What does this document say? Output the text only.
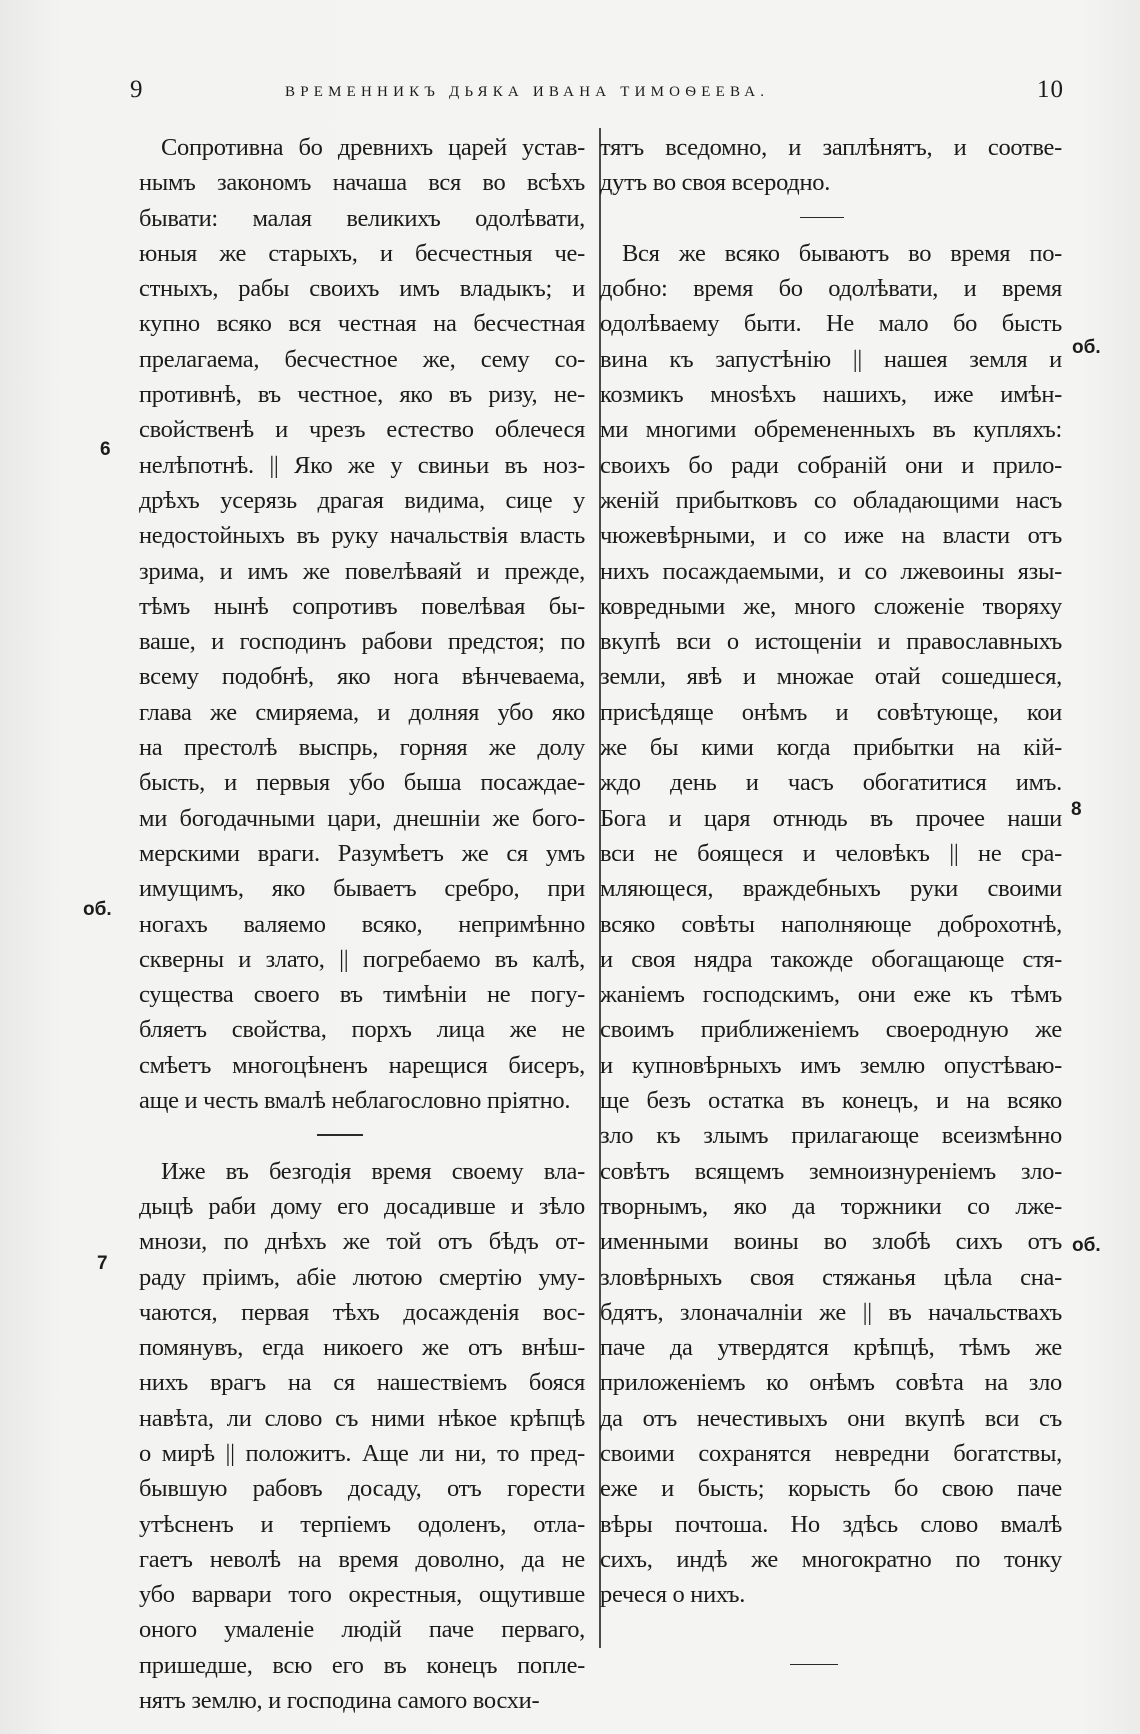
9	ВРЕМЕННИКЪ ДЬЯКА ИВАНА ТИМОѲЕЕВА.	10
Сопротивна бо древнихъ царей устав-
нымъ закономъ начаша вся во всѣхъ
бывати: малая великихъ одолѣвати,
юныя же старыхъ, и бесчестныя че-
стныхъ, рабы своихъ имъ владыкъ; и
купно всяко вся честная на бесчестная
прелагаема, бесчестное же, сему со-
противнѣ, въ честное, яко въ ризу, не-
свойственѣ и чрезъ естество облечеся
нелѣпотнѣ. || Яко же у свиньи въ ноз-
дрѣхъ усерязь драгая видима, сице у
недостойныхъ въ руку начальствія власть
зрима, и имъ же повелѣваяй и прежде,
тѣмъ нынѣ сопротивъ повелѣвая бы-
ваше, и господинъ рабови предстоя; по
всему подобнѣ, яко нога вѣнчеваема,
глава же смиряема, и долняя убо яко
на престолѣ выспрь, горняя же долу
бысть, и первыя убо быша посаждае-
ми богодачными цари, днешніи же бого-
мерскими враги. Разумѣетъ же ся умъ
имущимъ, яко бываетъ сребро, при
ногахъ валяемо всяко, непримѣнно
скверны и злато, || погребаемо въ калѣ,
существа своего въ тимѣніи не погу-
бляетъ свойства, порхъ лица же не
смѣетъ многоцѣненъ нарещися бисеръ,
аще и честь вмалѣ неблагословно пріятно.
Иже въ безгодія время своему вла-
дыцѣ раби дому его досадивше и зѣло
мнози, по днѣхъ же той отъ бѣдъ от-
раду пріимъ, абіе лютою смертію уму-
чаются, первая тѣхъ досажденія вос-
помянувъ, егда никоего же отъ внѣш-
нихъ врагъ на ся нашествіемъ бояся
навѣта, ли слово съ ними нѣкое крѣпцѣ
о мирѣ || положитъ. Аще ли ни, то пред-
бывшую рабовъ досаду, отъ горести
утѣсненъ и терпіемъ одоленъ, отла-
гаетъ неволѣ на время доволно, да не
убо варвари того окрестныя, ощутивше
оного умаленіе людій паче перваго,
пришедше, всю его въ конецъ попле-
нятъ землю, и господина самого восхи-
тятъ вседомно, и заплѣнятъ, и соотве-
дутъ во своя всеродно.
Вся же всяко бываютъ во время по-
добно: время бо одолѣвати, и время
одолѣваему быти. Не мало бо бысть
вина къ запустѣнію || нашея земля и
козмикъ мноѕѣхъ нашихъ, иже имѣн-
ми многими обремененныхъ въ купляхъ:
своихъ бо ради собраній они и прило-
женій прибытковъ со обладающими насъ
чюжевѣрными, и со иже на власти отъ
нихъ посаждаемыми, и со лжевоины язы-
ковредными же, много сложеніе творяху
вкупѣ вси о истощеніи и православныхъ
земли, явѣ и множае отай сошедшеся,
присѣдяще онѣмъ и совѣтующе, кои
же бы кими когда прибытки на кій-
ждо день и часъ обогатитися имъ.
Бога и царя отнюдь въ прочее наши
вси не боящеся и человѣкъ || не сра-
мляющеся, враждебныхъ руки своими
всяко совѣты наполняюще доброхотнѣ,
и своя нядра такожде обогащающе стя-
жаніемъ господскимъ, они еже къ тѣмъ
своимъ приближеніемъ своеродную же
и купновѣрныхъ имъ землю опустѣваю-
ще безъ остатка въ конецъ, и на всяко
зло къ злымъ прилагающе всеизмѣнно
совѣтъ всящемъ земноизнуреніемъ зло-
творнымъ, яко да торжники со лже-
именными воины во злобѣ сихъ отъ
зловѣрныхъ своя стяжанья цѣла сна-
бдятъ, злоначалніи же || въ начальствахъ
паче да утвердятся крѣпцѣ, тѣмъ же
приложеніемъ ко онѣмъ совѣта на зло
да отъ нечестивыхъ они вкупѣ вси съ
своими сохранятся невредни богатствы,
еже и бысть; корысть бо свою паче
вѣры почтоша. Но здѣсь слово вмалѣ
сихъ, индѣ же многократно по тонку
речеся о нихъ.
6
об.
7
об.
8
об.
